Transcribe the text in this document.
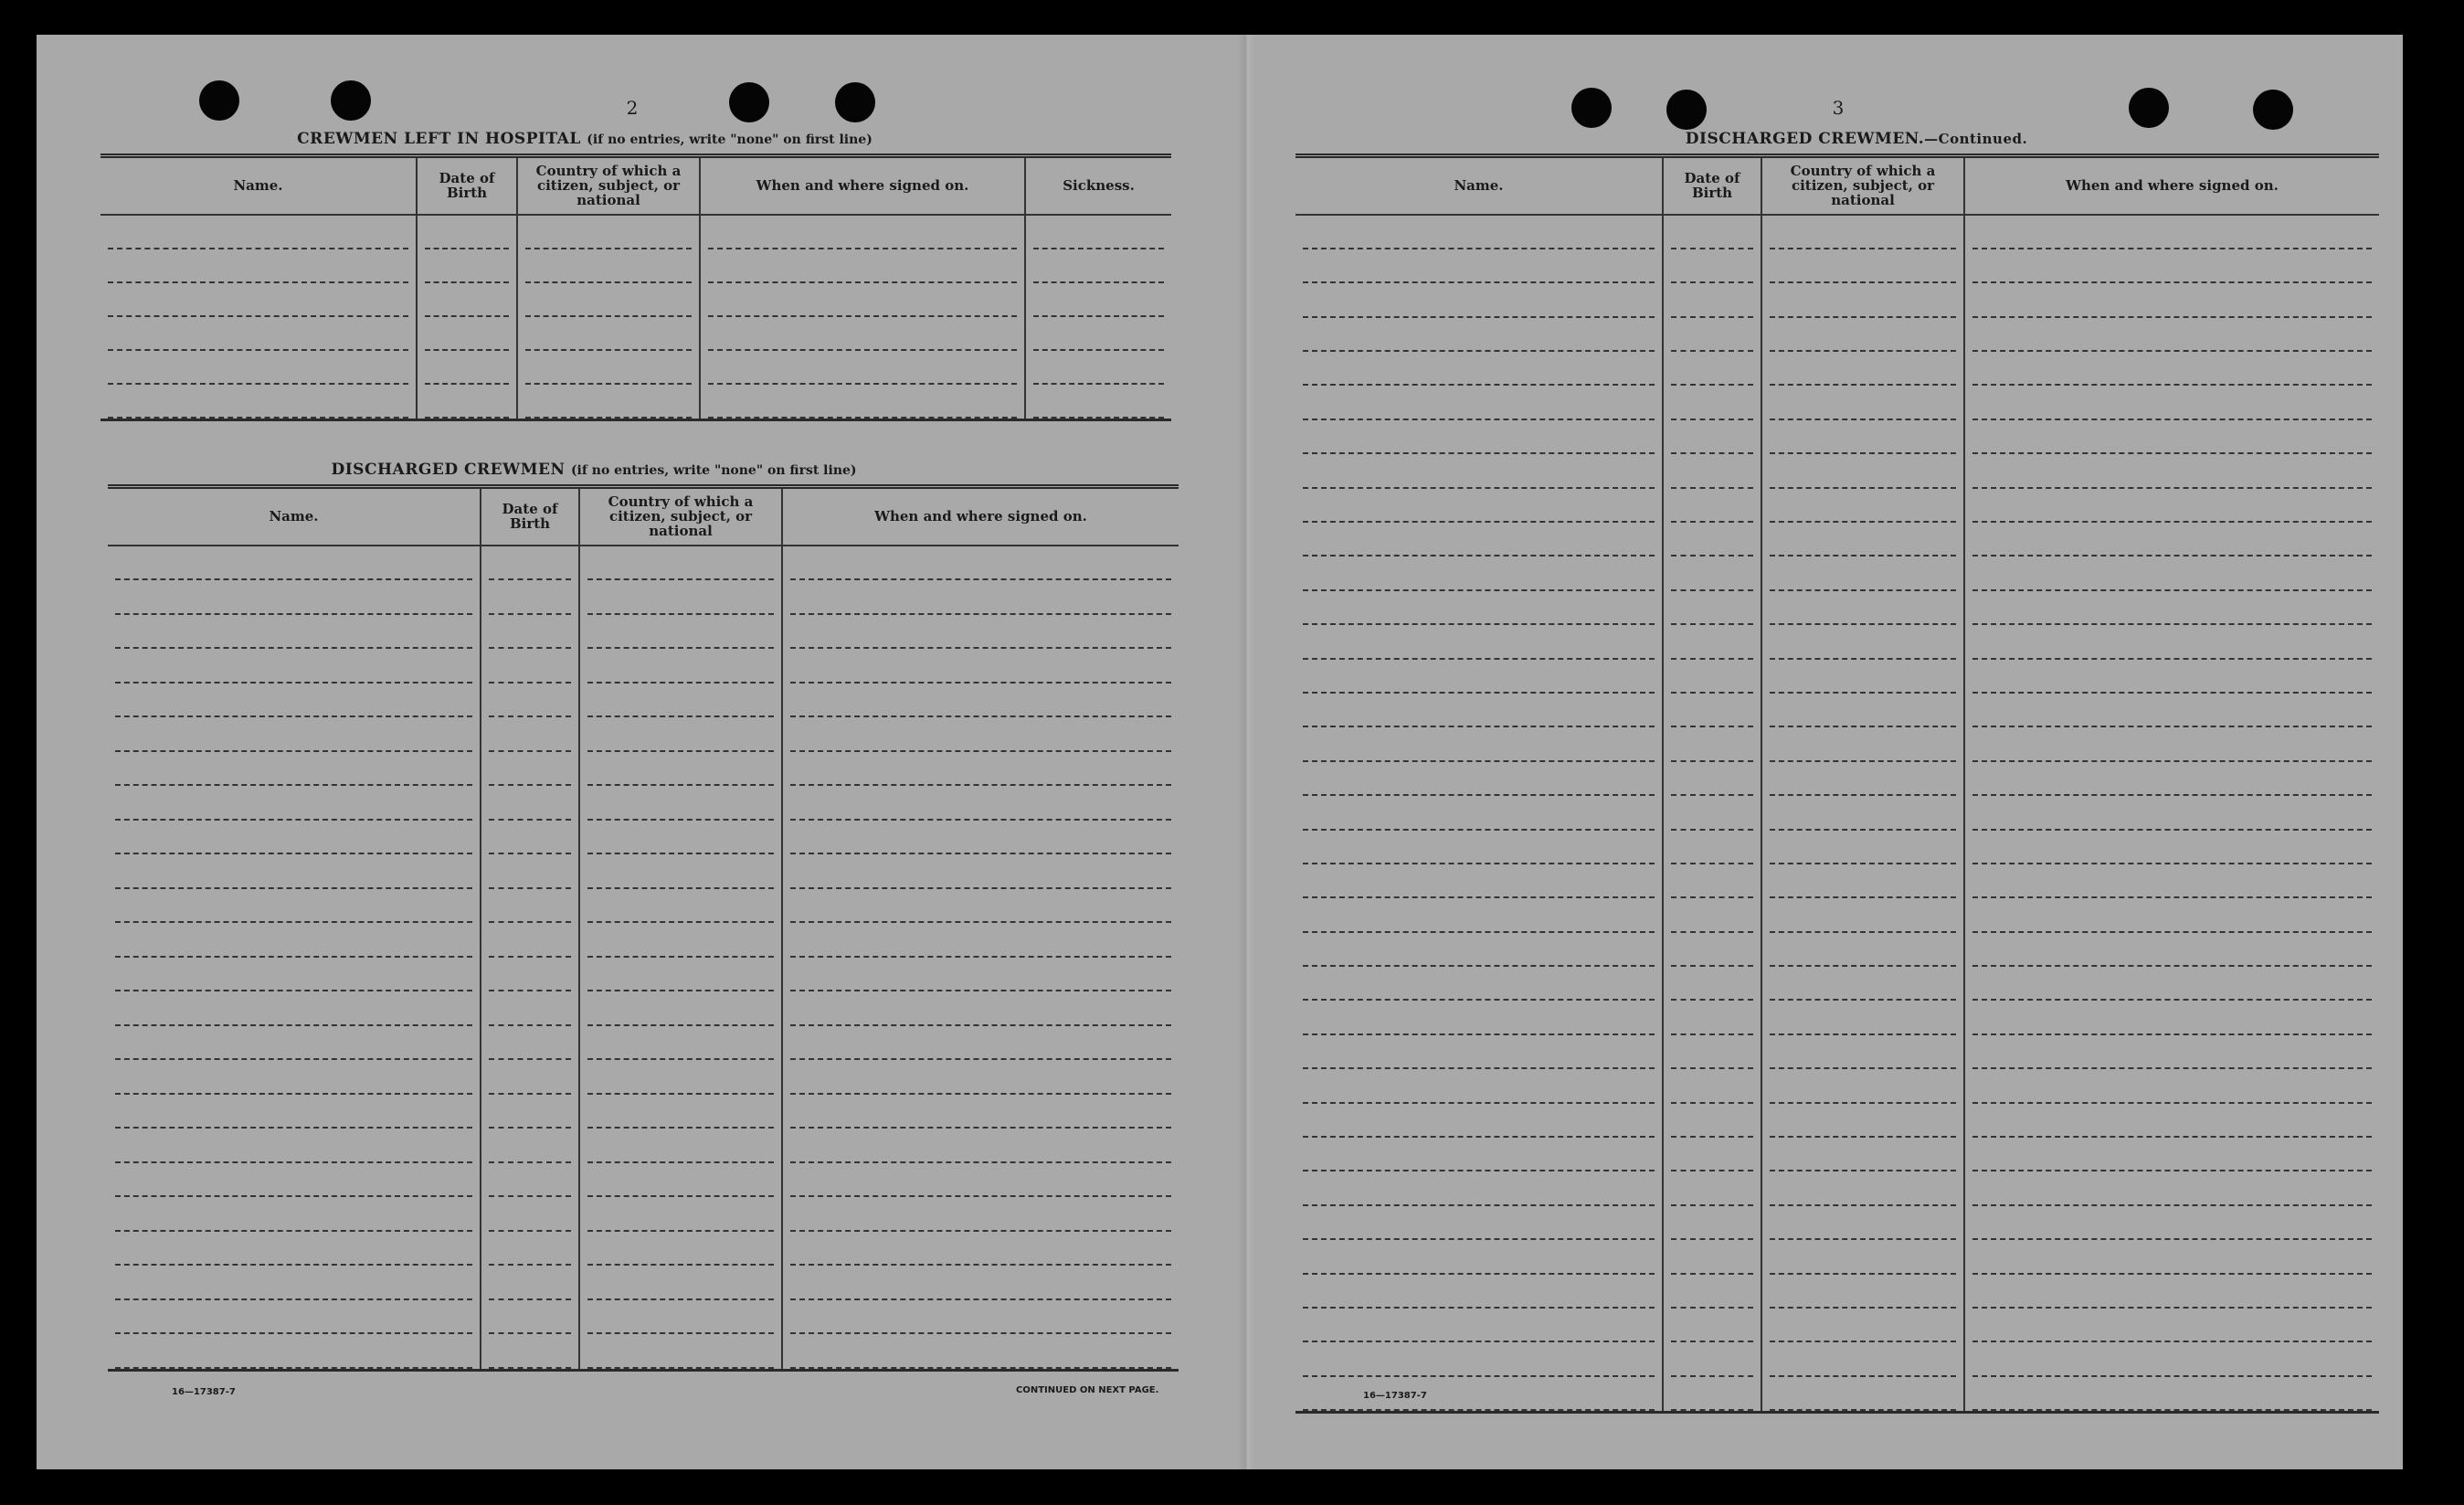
2
CREWMEN LEFT IN HOSPITAL (if no entries, write "none" on first line)
Name.	Date of Birth	Country of which a citizen, subject, or national	When and where signed on.	Sickness.

DISCHARGED CREWMEN (if no entries, write "none" on first line)
Name.	Date of Birth	Country of which a citizen, subject, or national	When and where signed on.

16—17387-7	CONTINUED ON NEXT PAGE.
3
DISCHARGED CREWMEN.—Continued.
Name.	Date of Birth	Country of which a citizen, subject, or national	When and where signed on.

16—17387-7
